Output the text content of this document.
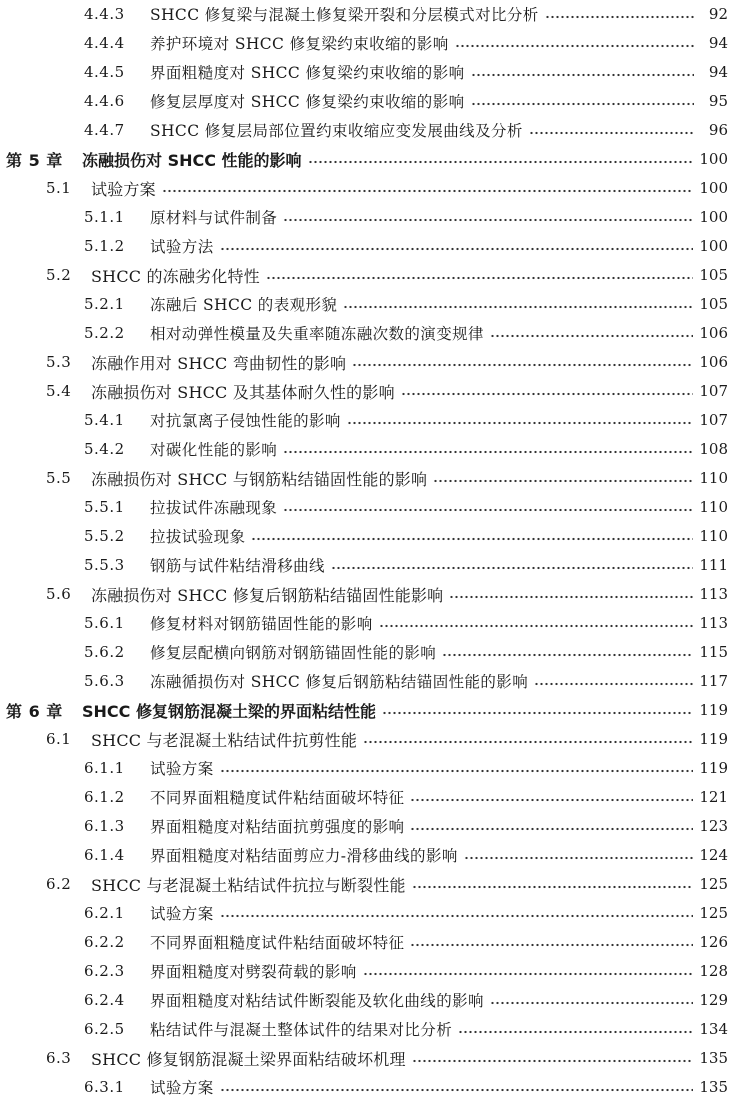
4.4.3	SHCC 修复梁与混凝土修复梁开裂和分层模式对比分析	92
4.4.4	养护环境对 SHCC 修复梁约束收缩的影响	94
4.4.5	界面粗糙度对 SHCC 修复梁约束收缩的影响	94
4.4.6	修复层厚度对 SHCC 修复梁约束收缩的影响	95
4.4.7	SHCC 修复层局部位置约束收缩应变发展曲线及分析	96
第 5 章	冻融损伤对 SHCC 性能的影响	100
5.1	试验方案	100
5.1.1	原材料与试件制备	100
5.1.2	试验方法	100
5.2	SHCC 的冻融劣化特性	105
5.2.1	冻融后 SHCC 的表观形貌	105
5.2.2	相对动弹性模量及失重率随冻融次数的演变规律	106
5.3	冻融作用对 SHCC 弯曲韧性的影响	106
5.4	冻融损伤对 SHCC 及其基体耐久性的影响	107
5.4.1	对抗氯离子侵蚀性能的影响	107
5.4.2	对碳化性能的影响	108
5.5	冻融损伤对 SHCC 与钢筋粘结锚固性能的影响	110
5.5.1	拉拔试件冻融现象	110
5.5.2	拉拔试验现象	110
5.5.3	钢筋与试件粘结滑移曲线	111
5.6	冻融损伤对 SHCC 修复后钢筋粘结锚固性能影响	113
5.6.1	修复材料对钢筋锚固性能的影响	113
5.6.2	修复层配横向钢筋对钢筋锚固性能的影响	115
5.6.3	冻融循损伤对 SHCC 修复后钢筋粘结锚固性能的影响	117
第 6 章	SHCC 修复钢筋混凝土梁的界面粘结性能	119
6.1	SHCC 与老混凝土粘结试件抗剪性能	119
6.1.1	试验方案	119
6.1.2	不同界面粗糙度试件粘结面破坏特征	121
6.1.3	界面粗糙度对粘结面抗剪强度的影响	123
6.1.4	界面粗糙度对粘结面剪应力-滑移曲线的影响	124
6.2	SHCC 与老混凝土粘结试件抗拉与断裂性能	125
6.2.1	试验方案	125
6.2.2	不同界面粗糙度试件粘结面破坏特征	126
6.2.3	界面粗糙度对劈裂荷载的影响	128
6.2.4	界面粗糙度对粘结试件断裂能及软化曲线的影响	129
6.2.5	粘结试件与混凝土整体试件的结果对比分析	134
6.3	SHCC 修复钢筋混凝土梁界面粘结破坏机理	135
6.3.1	试验方案	135
